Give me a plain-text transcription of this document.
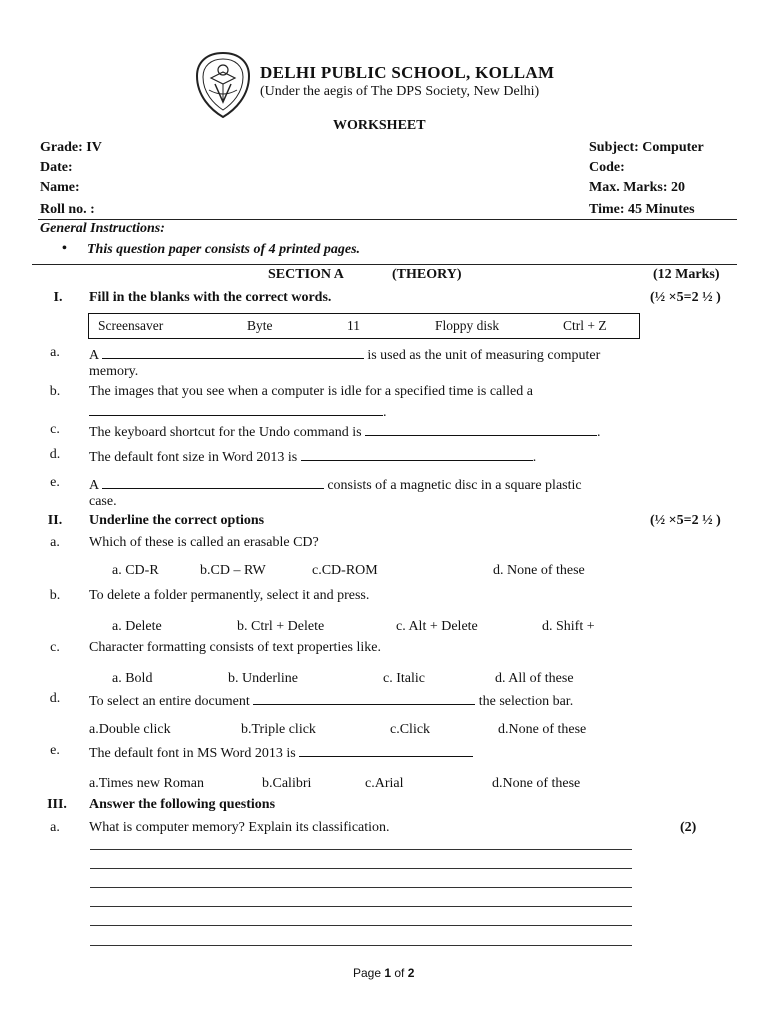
DELHI PUBLIC SCHOOL, KOLLAM
(Under the aegis of The DPS Society, New Delhi)
WORKSHEET
Grade: IV
Date:
Name:
Roll no. :
Subject: Computer
Code:
Max. Marks: 20
Time: 45 Minutes
General Instructions:
• This question paper consists of 4 printed pages.
SECTION A	(THEORY)	(12 Marks)
I.	Fill in the blanks with the correct words.	(½ ×5=2 ½ )
Screensaver	Byte	11	Floppy disk	Ctrl + Z
a.	A	is used as the unit of measuring computer
memory.
b.	The images that you see when a computer is idle for a specified time is called a
.
c.	The keyboard shortcut for the Undo command is	.
d.	The default font size in Word 2013 is	.
e.	A	consists of a magnetic disc in a square plastic
case.
II.	Underline the correct options	(½ ×5=2 ½ )
a.	Which of these is called an erasable CD?
a. CD-R	b.CD – RW	c.CD-ROM	d. None of these
b.	To delete a folder permanently, select it and press.
a. Delete	b. Ctrl + Delete	c. Alt + Delete	d. Shift +
c.	Character formatting consists of text properties like.
a. Bold	b. Underline	c. Italic	d. All of these
d.	To select an entire document	the selection bar.
a.Double click	b.Triple click	c.Click	d.None of these
e.	The default font in MS Word 2013 is
a.Times new Roman	b.Calibri	c.Arial	d.None of these
III.	Answer the following questions
a.	What is computer memory? Explain its classification.	(2)
Page 1 of 2
